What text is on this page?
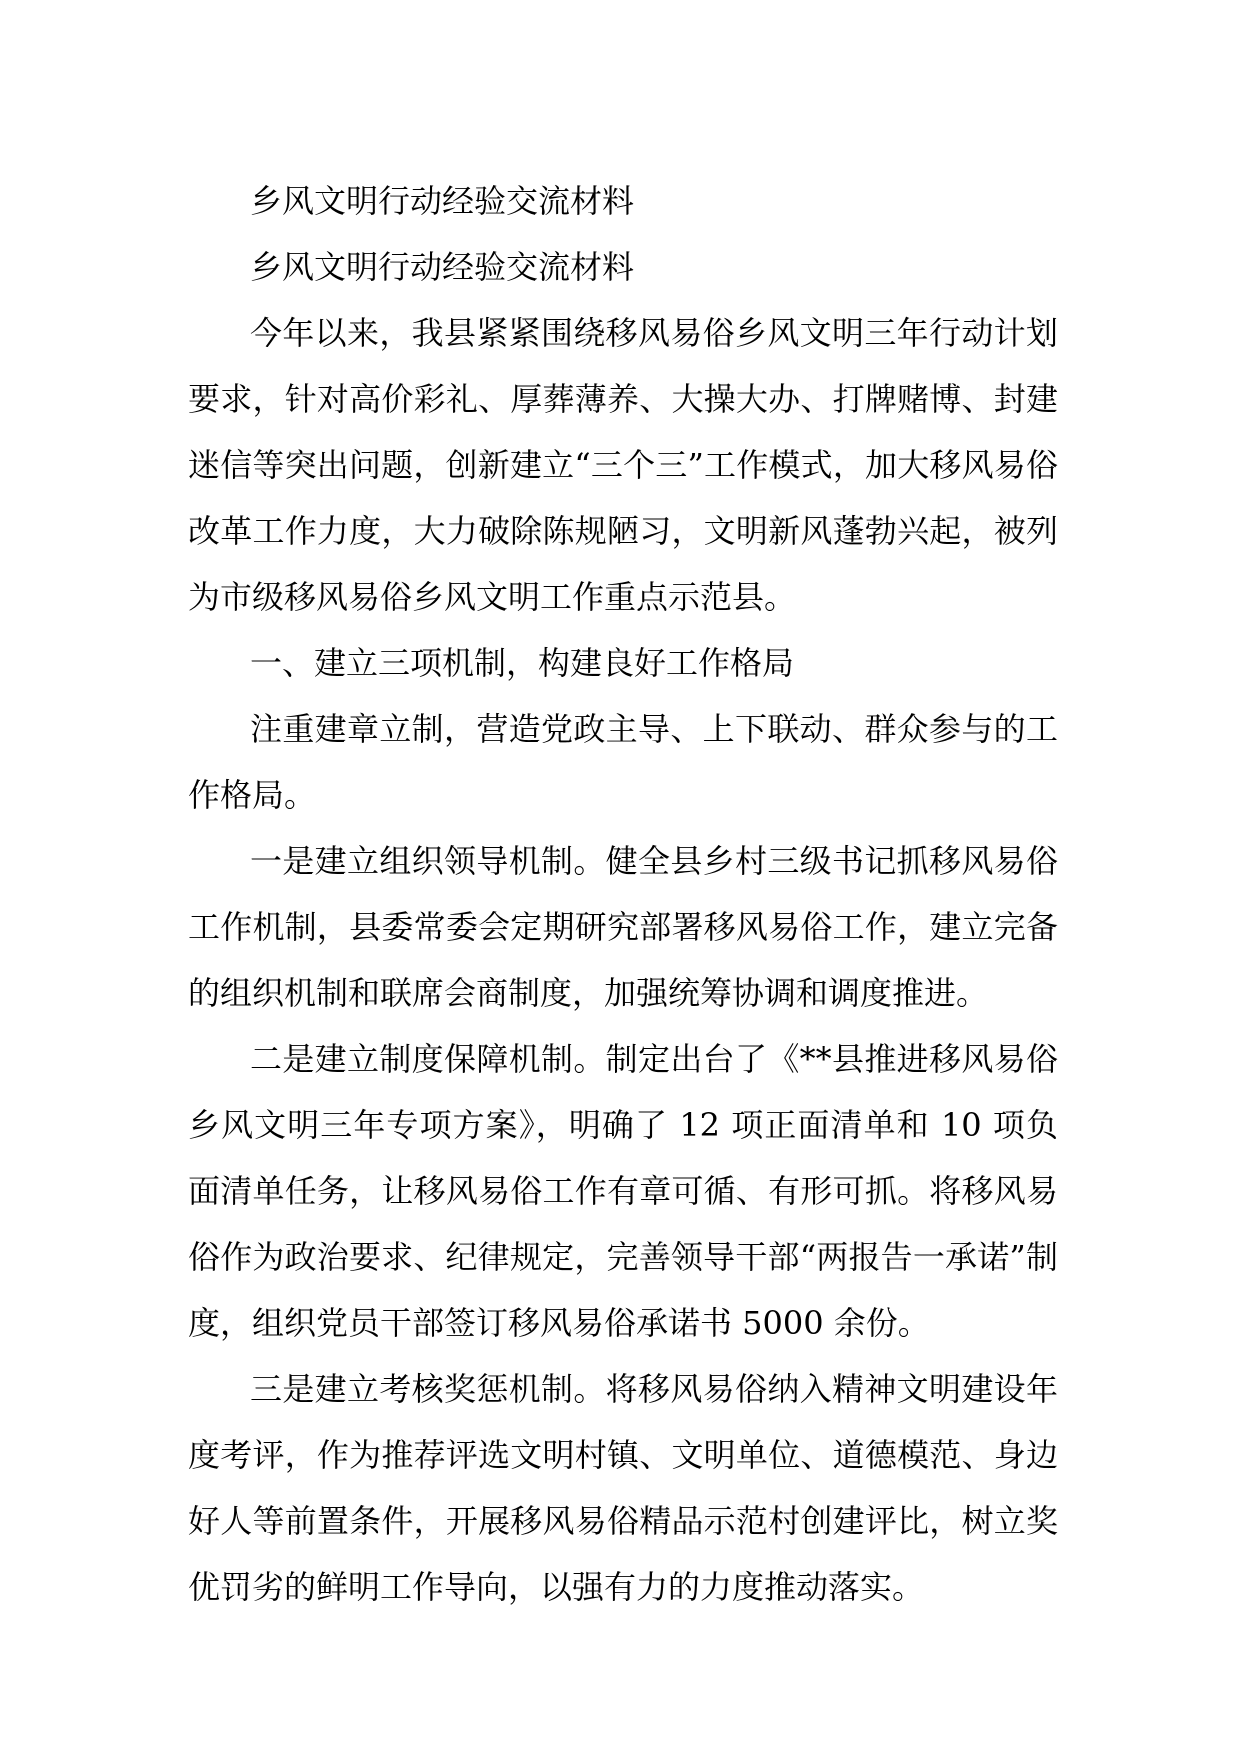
乡风文明行动经验交流材料

乡风文明行动经验交流材料

今年以来，我县紧紧围绕移风易俗乡风文明三年行动计划要求，针对高价彩礼、厚葬薄养、大操大办、打牌赌博、封建迷信等突出问题，创新建立“三个三”工作模式，加大移风易俗改革工作力度，大力破除陈规陋习，文明新风蓬勃兴起，被列为市级移风易俗乡风文明工作重点示范县。

一、建立三项机制，构建良好工作格局

注重建章立制，营造党政主导、上下联动、群众参与的工作格局。

一是建立组织领导机制。健全县乡村三级书记抓移风易俗工作机制，县委常委会定期研究部署移风易俗工作，建立完备的组织机制和联席会商制度，加强统筹协调和调度推进。

二是建立制度保障机制。制定出台了《**县推进移风易俗乡风文明三年专项方案》，明确了 12 项正面清单和 10 项负面清单任务，让移风易俗工作有章可循、有形可抓。将移风易俗作为政治要求、纪律规定，完善领导干部“两报告一承诺”制度，组织党员干部签订移风易俗承诺书 5000 余份。

三是建立考核奖惩机制。将移风易俗纳入精神文明建设年度考评，作为推荐评选文明村镇、文明单位、道德模范、身边好人等前置条件，开展移风易俗精品示范村创建评比，树立奖优罚劣的鲜明工作导向，以强有力的力度推动落实。
